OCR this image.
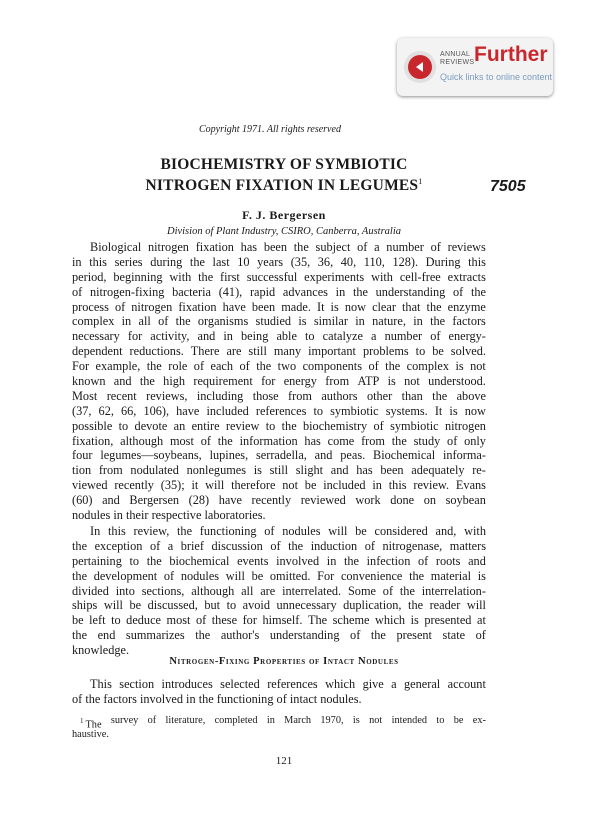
ANNUAL
REVIEWS Further
Quick links to online content
Copyright 1971. All rights reserved
BIOCHEMISTRY OF SYMBIOTIC
NITROGEN FIXATION IN LEGUMES$^1$	7505
F. J. Bergersen
Division of Plant Industry, CSIRO, Canberra, Australia
Biological nitrogen fixation has been the subject of a number of reviews
in this series during the last 10 years (35, 36, 40, 110, 128). During this
period, beginning with the first successful experiments with cell-free extracts
of nitrogen-fixing bacteria (41), rapid advances in the understanding of the
process of nitrogen fixation have been made. It is now clear that the enzyme
complex in all of the organisms studied is similar in nature, in the factors
necessary for activity, and in being able to catalyze a number of energy-
dependent reductions. There are still many important problems to be solved.
For example, the role of each of the two components of the complex is not
known and the high requirement for energy from ATP is not understood.
Most recent reviews, including those from authors other than the above
(37, 62, 66, 106), have included references to symbiotic systems. It is now
possible to devote an entire review to the biochemistry of symbiotic nitrogen
fixation, although most of the information has come from the study of only
four legumes—soybeans, lupines, serradella, and peas. Biochemical informa-
tion from nodulated nonlegumes is still slight and has been adequately re-
viewed recently (35); it will therefore not be included in this review. Evans
(60) and Bergersen (28) have recently reviewed work done on soybean
nodules in their respective laboratories.
In this review, the functioning of nodules will be considered and, with
the exception of a brief discussion of the induction of nitrogenase, matters
pertaining to the biochemical events involved in the infection of roots and
the development of nodules will be omitted. For convenience the material is
divided into sections, although all are interrelated. Some of the interrelation-
ships will be discussed, but to avoid unnecessary duplication, the reader will
be left to deduce most of these for himself. The scheme which is presented at
the end summarizes the author's understanding of the present state of
knowledge.
Nitrogen-Fixing Properties of Intact Nodules
This section introduces selected references which give a general account
of the factors involved in the functioning of intact nodules.
$^1$ The survey of literature, completed in March 1970, is not intended to be ex-
haustive.
121
